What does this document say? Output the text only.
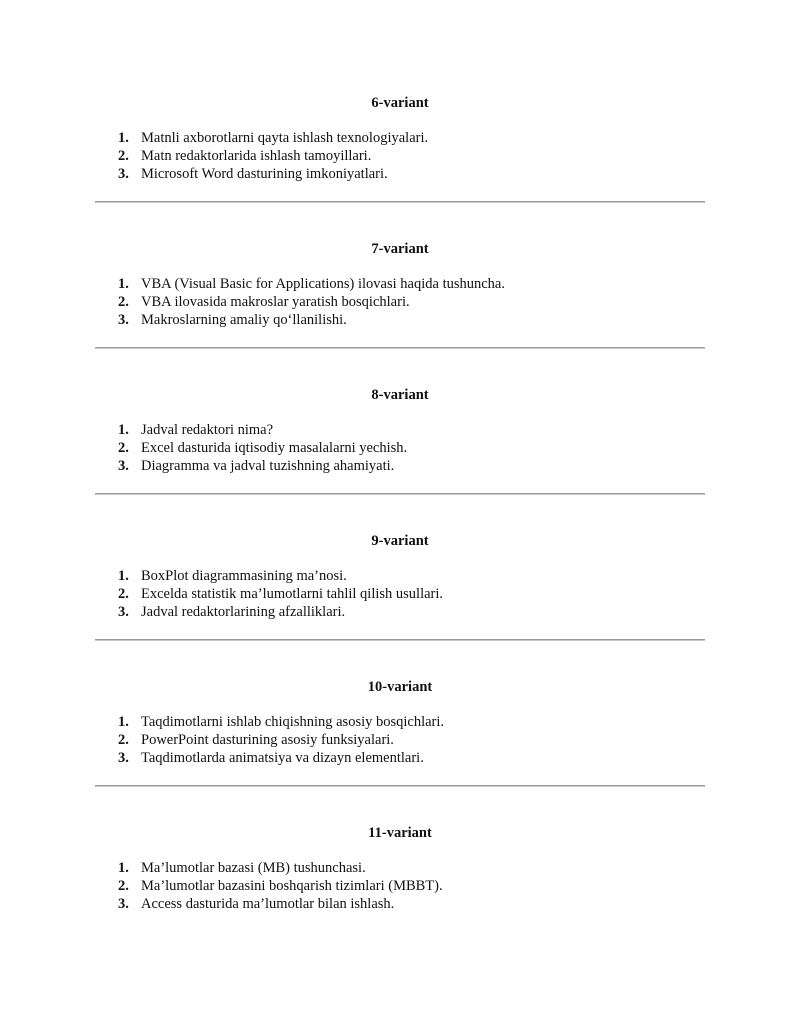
6-variant
1. Matnli axborotlarni qayta ishlash texnologiyalari.
2. Matn redaktorlarida ishlash tamoyillari.
3. Microsoft Word dasturining imkoniyatlari.
7-variant
1. VBA (Visual Basic for Applications) ilovasi haqida tushuncha.
2. VBA ilovasida makroslar yaratish bosqichlari.
3. Makroslarning amaliy qo‘llanilishi.
8-variant
1. Jadval redaktori nima?
2. Excel dasturida iqtisodiy masalalarni yechish.
3. Diagramma va jadval tuzishning ahamiyati.
9-variant
1. BoxPlot diagrammasining ma’nosi.
2. Excelda statistik ma’lumotlarni tahlil qilish usullari.
3. Jadval redaktorlarining afzalliklari.
10-variant
1. Taqdimotlarni ishlab chiqishning asosiy bosqichlari.
2. PowerPoint dasturining asosiy funksiyalari.
3. Taqdimotlarda animatsiya va dizayn elementlari.
11-variant
1. Ma’lumotlar bazasi (MB) tushunchasi.
2. Ma’lumotlar bazasini boshqarish tizimlari (MBBT).
3. Access dasturida ma’lumotlar bilan ishlash.
